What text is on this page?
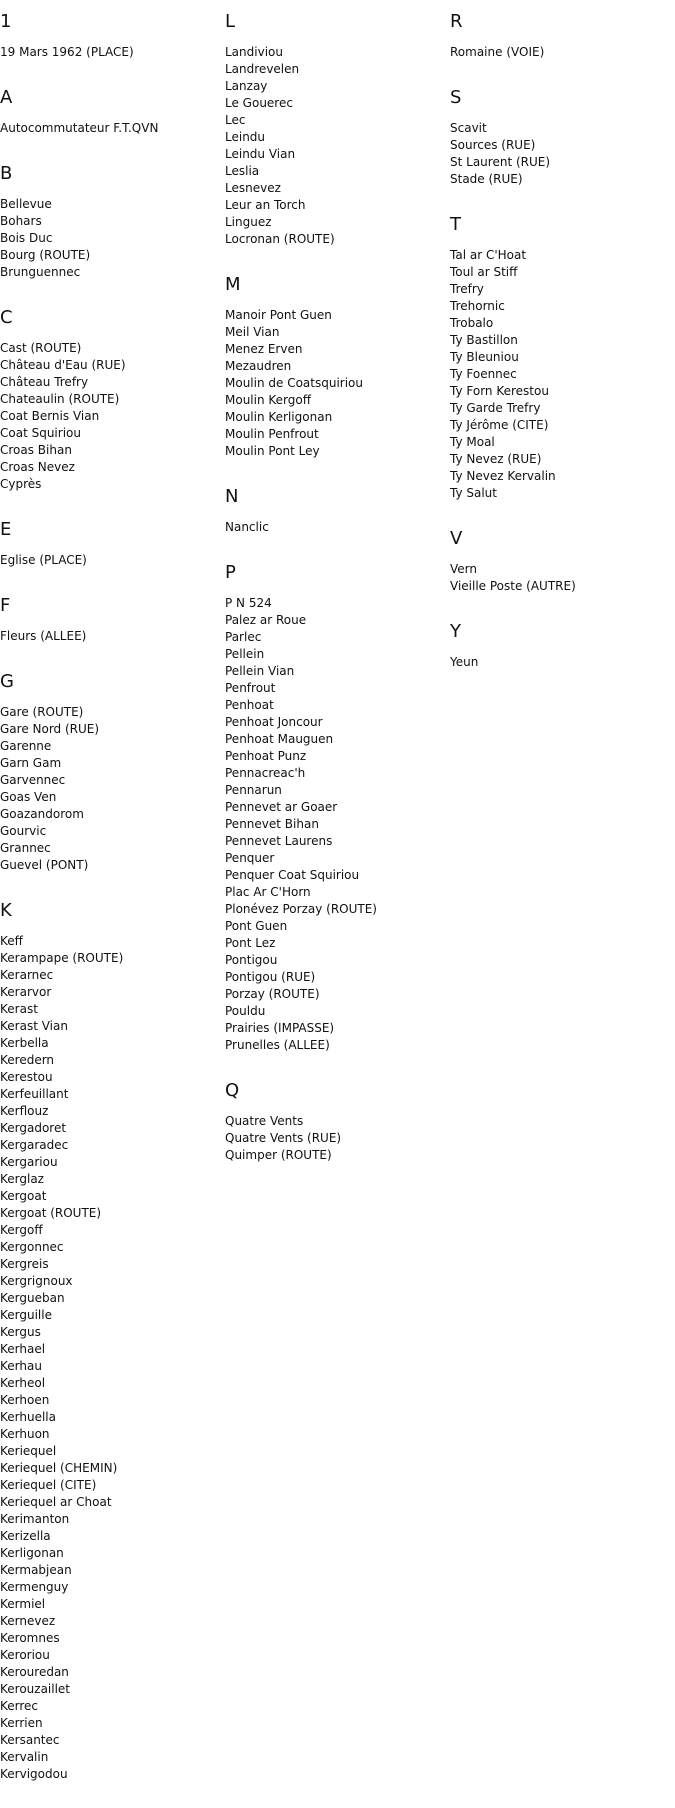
1
19 Mars 1962 (PLACE)
A
Autocommutateur F.T.QVN
B
Bellevue
Bohars
Bois Duc
Bourg (ROUTE)
Brunguennec
C
Cast (ROUTE)
Château d'Eau (RUE)
Château Trefry
Chateaulin (ROUTE)
Coat Bernis Vian
Coat Squiriou
Croas Bihan
Croas Nevez
Cyprès
E
Eglise (PLACE)
F
Fleurs (ALLEE)
G
Gare (ROUTE)
Gare Nord (RUE)
Garenne
Garn Gam
Garvennec
Goas Ven
Goazandorom
Gourvic
Grannec
Guevel (PONT)
K
Keff
Kerampape (ROUTE)
Kerarnec
Kerarvor
Kerast
Kerast Vian
Kerbella
Keredern
Kerestou
Kerfeuillant
Kerflouz
Kergadoret
Kergaradec
Kergariou
Kerglaz
Kergoat
Kergoat (ROUTE)
Kergoff
Kergonnec
Kergreis
Kergrignoux
Kergueban
Kerguille
Kergus
Kerhael
Kerhau
Kerheol
Kerhoen
Kerhuella
Kerhuon
Keriequel
Keriequel (CHEMIN)
Keriequel (CITE)
Keriequel ar Choat
Kerimanton
Kerizella
Kerligonan
Kermabjean
Kermenguy
Kermiel
Kernevez
Keromnes
Keroriou
Kerouredan
Kerouzaillet
Kerrec
Kerrien
Kersantec
Kervalin
Kervigodou
L
Landiviou
Landrevelen
Lanzay
Le Gouerec
Lec
Leindu
Leindu Vian
Leslia
Lesnevez
Leur an Torch
Linguez
Locronan (ROUTE)
M
Manoir Pont Guen
Meil Vian
Menez Erven
Mezaudren
Moulin de Coatsquiriou
Moulin Kergoff
Moulin Kerligonan
Moulin Penfrout
Moulin Pont Ley
N
Nanclic
P
P N 524
Palez ar Roue
Parlec
Pellein
Pellein Vian
Penfrout
Penhoat
Penhoat Joncour
Penhoat Mauguen
Penhoat Punz
Pennacreac'h
Pennarun
Pennevet ar Goaer
Pennevet Bihan
Pennevet Laurens
Penquer
Penquer Coat Squiriou
Plac Ar C'Horn
Plonévez Porzay (ROUTE)
Pont Guen
Pont Lez
Pontigou
Pontigou (RUE)
Porzay (ROUTE)
Pouldu
Prairies (IMPASSE)
Prunelles (ALLEE)
Q
Quatre Vents
Quatre Vents (RUE)
Quimper (ROUTE)
R
Romaine (VOIE)
S
Scavit
Sources (RUE)
St Laurent (RUE)
Stade (RUE)
T
Tal ar C'Hoat
Toul ar Stiff
Trefry
Trehornic
Trobalo
Ty Bastillon
Ty Bleuniou
Ty Foennec
Ty Forn Kerestou
Ty Garde Trefry
Ty Jérôme (CITE)
Ty Moal
Ty Nevez (RUE)
Ty Nevez Kervalin
Ty Salut
V
Vern
Vieille Poste (AUTRE)
Y
Yeun
